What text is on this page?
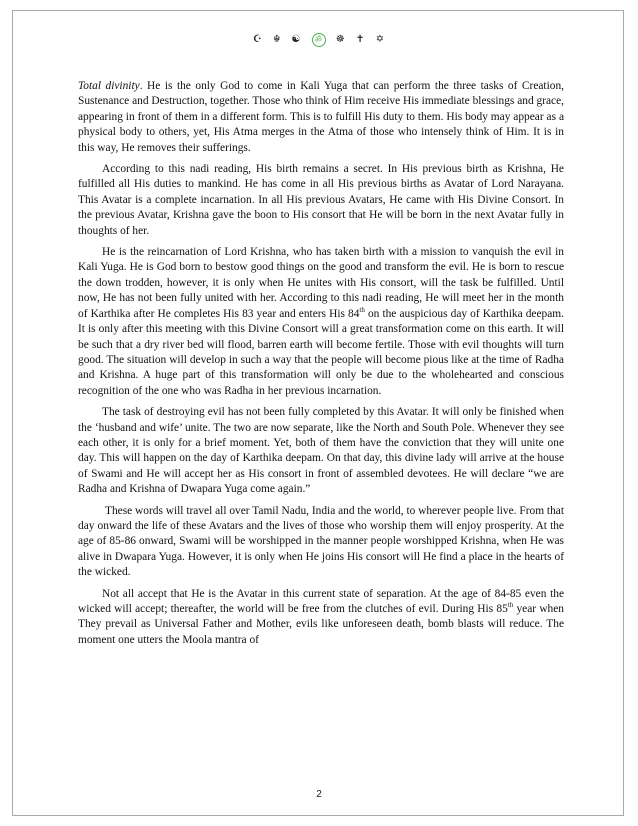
☪ ☬ ☯ ॐ ☸ ✝ ✡

Total divinity. He is the only God to come in Kali Yuga that can perform the three tasks of Creation, Sustenance and Destruction, together. Those who think of Him receive His immediate blessings and grace, appearing in front of them in a different form. This is to fulfill His duty to them. His body may appear as a physical body to others, yet, His Atma merges in the Atma of those who intensely think of Him. It is in this way, He removes their sufferings.

According to this nadi reading, His birth remains a secret. In His previous birth as Krishna, He fulfilled all His duties to mankind. He has come in all His previous births as Avatar of Lord Narayana. This Avatar is a complete incarnation. In all His previous Avatars, He came with His Divine Consort. In the previous Avatar, Krishna gave the boon to His consort that He will be born in the next Avatar fully in thoughts of her.

He is the reincarnation of Lord Krishna, who has taken birth with a mission to vanquish the evil in Kali Yuga. He is God born to bestow good things on the good and transform the evil. He is born to rescue the down trodden, however, it is only when He unites with His consort, will the task be fulfilled. Until now, He has not been fully united with her. According to this nadi reading, He will meet her in the month of Karthika after He completes His 83 year and enters His 84th on the auspicious day of Karthika deepam. It is only after this meeting with this Divine Consort will a great transformation come on this earth. It will be such that a dry river bed will flood, barren earth will become fertile. Those with evil thoughts will turn good. The situation will develop in such a way that the people will become pious like at the time of Radha and Krishna. A huge part of this transformation will only be due to the wholehearted and conscious recognition of the one who was Radha in her previous incarnation.

The task of destroying evil has not been fully completed by this Avatar. It will only be finished when the ‘husband and wife’ unite. The two are now separate, like the North and South Pole. Whenever they see each other, it is only for a brief moment. Yet, both of them have the conviction that they will unite one day. This will happen on the day of Karthika deepam. On that day, this divine lady will arrive at the house of Swami and He will accept her as His consort in front of assembled devotees. He will declare “we are Radha and Krishna of Dwapara Yuga come again.”

These words will travel all over Tamil Nadu, India and the world, to wherever people live. From that day onward the life of these Avatars and the lives of those who worship them will enjoy prosperity. At the age of 85-86 onward, Swami will be worshipped in the manner people worshipped Krishna, when He was alive in Dwapara Yuga. However, it is only when He joins His consort will He find a place in the hearts of the wicked.

Not all accept that He is the Avatar in this current state of separation. At the age of 84-85 even the wicked will accept; thereafter, the world will be free from the clutches of evil. During His 85th year when They prevail as Universal Father and Mother, evils like unforeseen death, bomb blasts will reduce. The moment one utters the Moola mantra of

2
